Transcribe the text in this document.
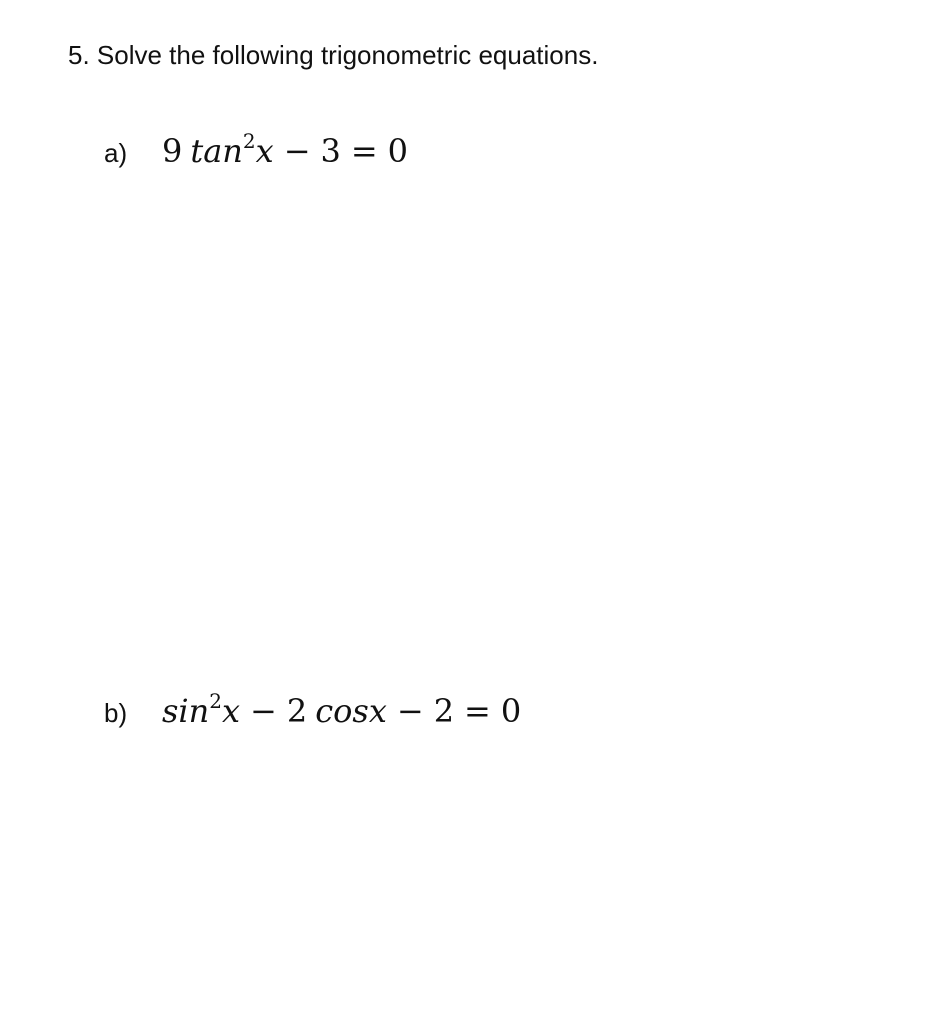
5. Solve the following trigonometric equations.
a)	9 $\tan^2x - 3 = 0$
b)	$\sin^2x - 2$ cosx − 2 = 0
